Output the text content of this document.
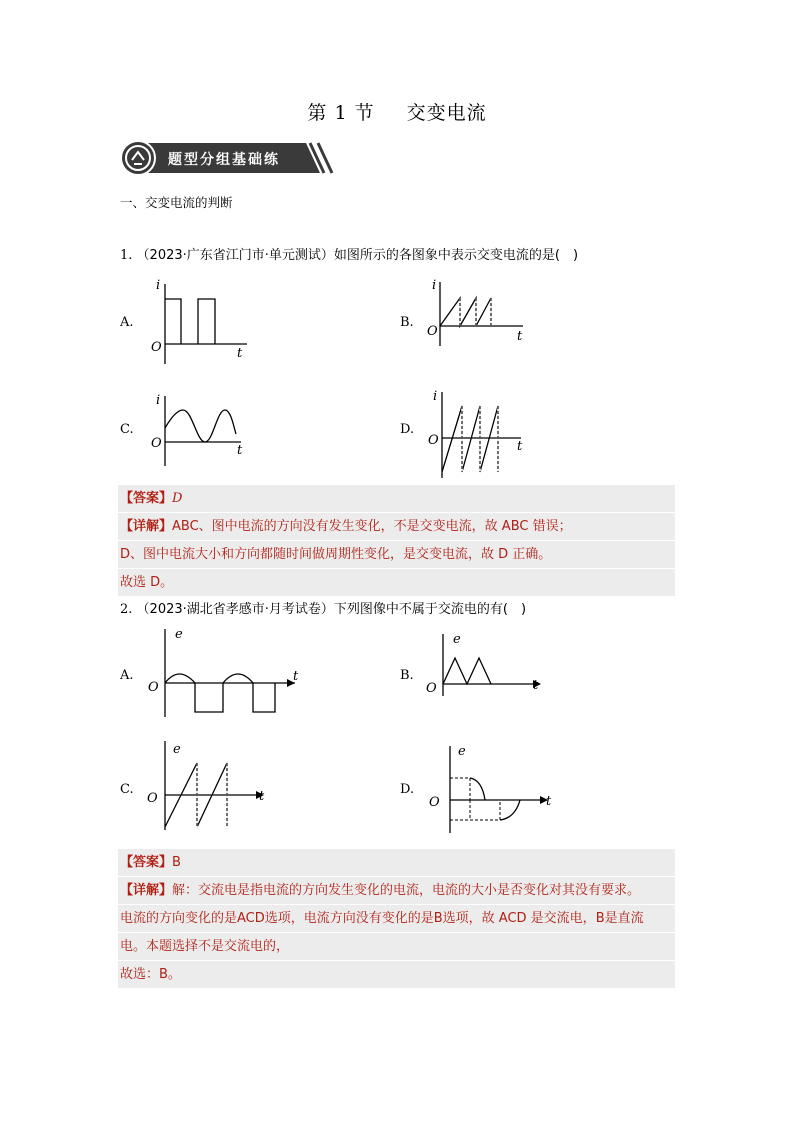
第 1 节 交变电流
题型分组基础练
一、交变电流的判断
1. （2023·广东省江门市·单元测试）如图所示的各图象中表示交变电流的是(　)
A.	B.
C.	D.
i
O	t
i
O	t
i
O	t
i
O	t
【答案】D
【详解】ABC、图中电流的方向没有发生变化，不是交变电流，故 ABC 错误；
D、图中电流大小和方向都随时间做周期性变化，是交变电流，故 D 正确。
故选 D。
2. （2023·湖北省孝感市·月考试卷）下列图像中不属于交流电的有(　)
A.	B.
C.	D.
e
O
t
e
O	t
e
O	t
e
O	t
【答案】B
【详解】解：交流电是指电流的方向发生变化的电流，电流的大小是否变化对其没有要求。
电流的方向变化的是ACD选项，电流方向没有变化的是B选项，故 ACD 是交流电，B是直流
电。本题选择不是交流电的，
故选：B。
